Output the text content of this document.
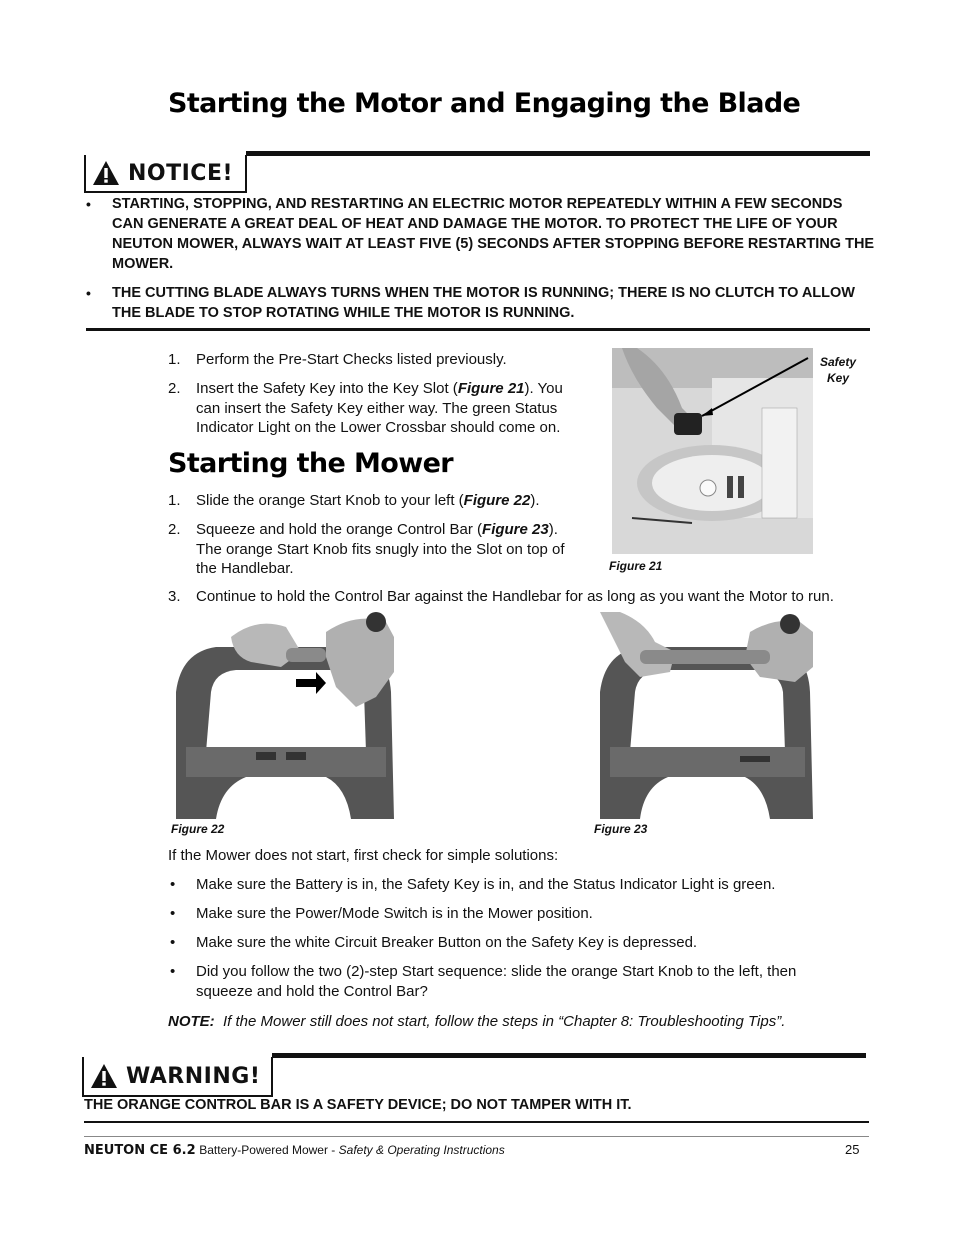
Starting the Motor and Engaging the Blade
NOTICE!
• STARTING, STOPPING, AND RESTARTING AN ELECTRIC MOTOR REPEATEDLY WITHIN A FEW SECONDS CAN GENERATE A GREAT DEAL OF HEAT AND DAMAGE THE MOTOR. TO PROTECT THE LIFE OF YOUR NEUTON MOWER, ALWAYS WAIT AT LEAST FIVE (5) SECONDS AFTER STOPPING BEFORE RESTARTING THE MOWER.
• THE CUTTING BLADE ALWAYS TURNS WHEN THE MOTOR IS RUNNING; THERE IS NO CLUTCH TO ALLOW THE BLADE TO STOP ROTATING WHILE THE MOTOR IS RUNNING.
1. Perform the Pre-Start Checks listed previously.
2. Insert the Safety Key into the Key Slot (Figure 21). You
can insert the Safety Key either way. The green Status
Indicator Light on the Lower Crossbar should come on.
Safety
Key
Figure 21
Starting the Mower
1. Slide the orange Start Knob to your left (Figure 22).
2. Squeeze and hold the orange Control Bar (Figure 23).
The orange Start Knob fits snugly into the Slot on top of
the Handlebar.
3. Continue to hold the Control Bar against the Handlebar for as long as you want the Motor to run.
Figure 22	Figure 23
If the Mower does not start, first check for simple solutions:
• Make sure the Battery is in, the Safety Key is in, and the Status Indicator Light is green.
• Make sure the Power/Mode Switch is in the Mower position.
• Make sure the white Circuit Breaker Button on the Safety Key is depressed.
• Did you follow the two (2)-step Start sequence: slide the orange Start Knob to the left, then squeeze and hold the Control Bar?
NOTE: If the Mower still does not start, follow the steps in “Chapter 8: Troubleshooting Tips”.
WARNING!
THE ORANGE CONTROL BAR IS A SAFETY DEVICE; DO NOT TAMPER WITH IT.
NEUTON CE 6.2 Battery-Powered Mower - Safety & Operating Instructions	25
